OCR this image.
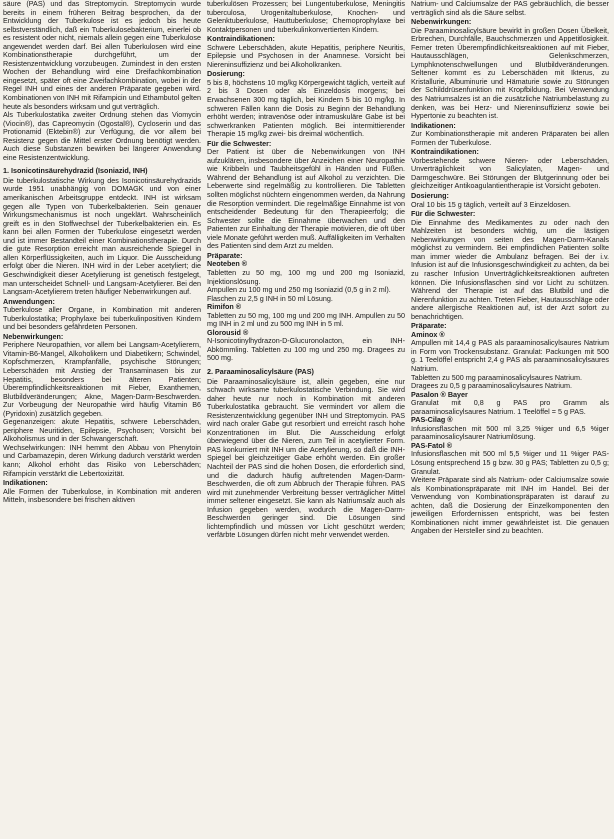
säure (PAS) und das Streptomycin. Streptomycin wurde bereits in einem früheren Beitrag besprochen, da der Entwicklung der Tuberkulose ist es jedoch bis heute selbstverständlich, daß ein Tuberkulosebakterium, einerlei ob es resistent oder nicht, niemals allein gegen eine Tuberkulose angewendet werden darf. Bei allen Tuberkulosen wird eine Kombinationstherapie durchgeführt, um der Resistenzentwicklung vorzubeugen. Zumindest in den ersten Wochen der Behandlung wird eine Dreifachkombination eingesetzt, später oft eine Zweifachkombination, wobei in der Regel INH und eines der anderen Präparate gegeben wird. Kombinationen von INH mit Rifampicin und Ethambutol gelten heute als besonders wirksam und gut verträglich.

Als Tuberkulostatika zweiter Ordnung stehen das Viomycin (Viocin®), das Capreomycin (Ogostal®), Cycloserin und das Protionamid (Ektebin®) zur Verfügung, die vor allem bei Resistenz gegen die Mittel erster Ordnung benötigt werden. Auch diese Substanzen bewirken bei längerer Anwendung eine Resistenzentwicklung.

1. Isonicotinsäurehydrazid (Isoniazid, INH)

Die tuberkulostatische Wirkung des Isonicotinsäurehydrazids wurde 1951 unabhängig von DOMAGK und von einer amerikanischen Arbeitsgruppe entdeckt. INH ist wirksam gegen alle Typen von Tuberkelbakterien. Sein genauer Wirkungsmechanismus ist noch ungeklärt. Wahrscheinlich greift es in den Stoffwechsel der Tuberkelbakterien ein. Es kann bei allen Formen der Tuberkulose eingesetzt werden und ist immer Bestandteil einer Kombinationstherapie. Durch die gute Resorption erreicht man ausreichende Spiegel in allen Körperflüssigkeiten, auch im Liquor. Die Ausscheidung erfolgt über die Nieren. INH wird in der Leber acetyliert; die Geschwindigkeit dieser Acetylierung ist genetisch festgelegt, man unterscheidet Schnell- und Langsam-Acetylierer. Bei den Langsam-Acetylierern treten häufiger Nebenwirkungen auf.

Anwendungen:

Tuberkulose aller Organe, in Kombination mit anderen Tuberkulostatika; Prophylaxe bei tuberkulinpositiven Kindern und bei besonders gefährdeten Personen.

Nebenwirkungen:

Periphere Neuropathien, vor allem bei Langsam-Acetylierern, Vitamin-B6-Mangel, Alkoholikern und Diabetikern; Schwindel, Kopfschmerzen, Krampfanfälle, psychische Störungen; Leberschäden mit Anstieg der Transaminasen bis zur Hepatitis, besonders bei älteren Patienten; Überempfindlichkeitsreaktionen mit Fieber, Exanthemen, Blutbildveränderungen; Akne, Magen-Darm-Beschwerden. Zur Vorbeugung der Neuropathie wird häufig Vitamin B6 (Pyridoxin) zusätzlich gegeben.

Gegenanzeigen: akute Hepatitis, schwere Leberschäden, periphere Neuritiden, Epilepsie, Psychosen; Vorsicht bei Alkoholismus und in der Schwangerschaft.

Wechselwirkungen: INH hemmt den Abbau von Phenytoin und Carbamazepin, deren Wirkung dadurch verstärkt werden kann; Alkohol erhöht das Risiko von Leberschäden; Rifampicin verstärkt die Lebertoxizität.

Indikationen:

Alle Formen der Tuberkulose, in Kombination mit anderen Mitteln, insbesondere bei frischen aktiven

tuberkulösen Prozessen; bei Lungentuberkulose, Meningitis tuberculosa, Urogenitaltuberkulose, Knochen- und Gelenktuberkulose, Hauttuberkulose; Chemoprophylaxe bei Kontaktpersonen und tuberkulinkonvertierten Kindern.

Kontraindikationen:

Schwere Leberschäden, akute Hepatitis, periphere Neuritis, Epilepsie und Psychosen in der Anamnese. Vorsicht bei Niereninsuffizienz und bei Alkoholkranken.

Dosierung:

5 bis 8, höchstens 10 mg/kg Körpergewicht täglich, verteilt auf 2 bis 3 Dosen oder als Einzeldosis morgens; bei Erwachsenen 300 mg täglich, bei Kindern 5 bis 10 mg/kg. In schweren Fällen kann die Dosis zu Beginn der Behandlung erhöht werden; intravenöse oder intramuskuläre Gabe ist bei schwerkranken Patienten möglich. Bei intermittierender Therapie 15 mg/kg zwei- bis dreimal wöchentlich.

Für die Schwester:

Der Patient ist über die Nebenwirkungen von INH aufzuklären, insbesondere über Anzeichen einer Neuropathie wie Kribbeln und Taubheitsgefühl in Händen und Füßen. Während der Behandlung ist auf Alkohol zu verzichten. Die Leberwerte sind regelmäßig zu kontrollieren. Die Tabletten sollten möglichst nüchtern eingenommen werden, da Nahrung die Resorption vermindert. Die regelmäßige Einnahme ist von entscheidender Bedeutung für den Therapieerfolg; die Schwester sollte die Einnahme überwachen und den Patienten zur Einhaltung der Therapie motivieren, die oft über viele Monate geführt werden muß. Auffälligkeiten im Verhalten des Patienten sind dem Arzt zu melden.

Präparate:

Neoteben ®

Tabletten zu 50 mg, 100 mg und 200 mg Isoniazid, Injektionslösung.

Ampullen zu 100 mg und 250 mg Isoniazid (0,5 g in 2 ml).

Flaschen zu 2,5 g INH in 50 ml Lösung.

Rimifon ®

Tabletten zu 50 mg, 100 mg und 200 mg INH. Ampullen zu 50 mg INH in 2 ml und zu 500 mg INH in 5 ml.

Glorousid ®

N-Isonicotinylhydrazon-D-Glucuronolacton, ein INH-Abkömmling. Tabletten zu 100 mg und 250 mg. Dragees zu 500 mg.

2. Paraaminosalicylsäure (PAS)

Die Paraaminosalicylsäure ist, allein gegeben, eine nur schwach wirksame tuberkulostatische Verbindung. Sie wird daher heute nur noch in Kombination mit anderen Tuberkulostatika gebraucht. Sie vermindert vor allem die Resistenzentwicklung gegenüber INH und Streptomycin. PAS wird nach oraler Gabe gut resorbiert und erreicht rasch hohe Konzentrationen im Blut. Die Ausscheidung erfolgt überwiegend über die Nieren, zum Teil in acetylierter Form. PAS konkurriert mit INH um die Acetylierung, so daß die INH-Spiegel bei gleichzeitiger Gabe erhöht werden. Ein großer Nachteil der PAS sind die hohen Dosen, die erforderlich sind, und die dadurch häufig auftretenden Magen-Darm-Beschwerden, die oft zum Abbruch der Therapie führen. PAS wird mit zunehmender Verbreitung besser verträglicher Mittel immer seltener eingesetzt. Sie kann als Natriumsalz auch als Infusion gegeben werden, wodurch die Magen-Darm-Beschwerden geringer sind. Die Lösungen sind lichtempfindlich und müssen vor Licht geschützt werden; verfärbte Lösungen dürfen nicht mehr verwendet werden.

Natrium- und Calciumsalze der PAS gebräuchlich, die besser verträglich sind als die Säure selbst.

Nebenwirkungen:

Die Paraaminosalicylsäure bewirkt in großen Dosen Übelkeit, Erbrechen, Durchfälle, Bauchschmerzen und Appetitlosigkeit. Ferner treten Überempfindlichkeitsreaktionen auf mit Fieber, Hautausschlägen, Gelenkschmerzen, Lymphknotenschwellungen und Blutbildveränderungen. Seltener kommt es zu Leberschäden mit Ikterus, zu Kristallurie, Albuminurie und Hämaturie sowie zu Störungen der Schilddrüsenfunktion mit Kropfbildung. Bei Verwendung des Natriumsalzes ist an die zusätzliche Natriumbelastung zu denken, was bei Herz- und Niereninsuffizienz sowie bei Hypertonie zu beachten ist.

Indikationen:

Zur Kombinationstherapie mit anderen Präparaten bei allen Formen der Tuberkulose.

Kontraindikationen:

Vorbestehende schwere Nieren- oder Leberschäden, Unverträglichkeit von Salicylaten, Magen- und Darmgeschwüre. Bei Störungen der Blutgerinnung oder bei gleichzeitiger Antikoagulantientherapie ist Vorsicht geboten.

Dosierung:

Oral 10 bis 15 g täglich, verteilt auf 3 Einzeldosen.

Für die Schwester:

Die Einnahme des Medikamentes zu oder nach den Mahlzeiten ist besonders wichtig, um die lästigen Nebenwirkungen von seiten des Magen-Darm-Kanals möglichst zu vermindern. Bei empfindlichen Patienten sollte man immer wieder die Ambulanz befragen. Bei der i.v. Infusion ist auf die Infusionsgeschwindigkeit zu achten, da bei zu rascher Infusion Unverträglichkeitsreaktionen auftreten können. Die Infusionsflaschen sind vor Licht zu schützen. Während der Therapie ist auf das Blutbild und die Nierenfunktion zu achten. Treten Fieber, Hautausschläge oder andere allergische Reaktionen auf, ist der Arzt sofort zu benachrichtigen.

Präparate:

Aminox ®

Ampullen mit 14,4 g PAS als paraaminosalicylsaures Natrium in Form von Trockensubstanz. Granulat: Packungen mit 500 g. 1 Teelöffel entspricht 2,4 g PAS als paraaminosalicylsaures Natrium.

Tabletten zu 500 mg paraaminosalicylsaures Natrium.

Dragees zu 0,5 g paraaminosalicylsaures Natrium.

Pasalon ® Bayer

Granulat mit 0,8 g PAS pro Gramm als paraaminosalicylsaures Natrium. 1 Teelöffel = 5 g PAS.

PAS-Cilag ®

Infusionsflaschen mit 500 ml 3,25 %iger und 6,5 %iger paraaminosalicylsaurer Natriumlösung.

PAS-Fatol ®

Infusionsflaschen mit 500 ml 5,5 %iger und 11 %iger PAS-Lösung entsprechend 15 g bzw. 30 g PAS; Tabletten zu 0,5 g; Granulat.

Weitere Präparate sind als Natrium- oder Calciumsalze sowie als Kombinationspräparate mit INH im Handel. Bei der Verwendung von Kombinationspräparaten ist darauf zu achten, daß die Dosierung der Einzelkomponenten den jeweiligen Erfordernissen entspricht, was bei festen Kombinationen nicht immer gewährleistet ist. Die genauen Angaben der Hersteller sind zu beachten.
